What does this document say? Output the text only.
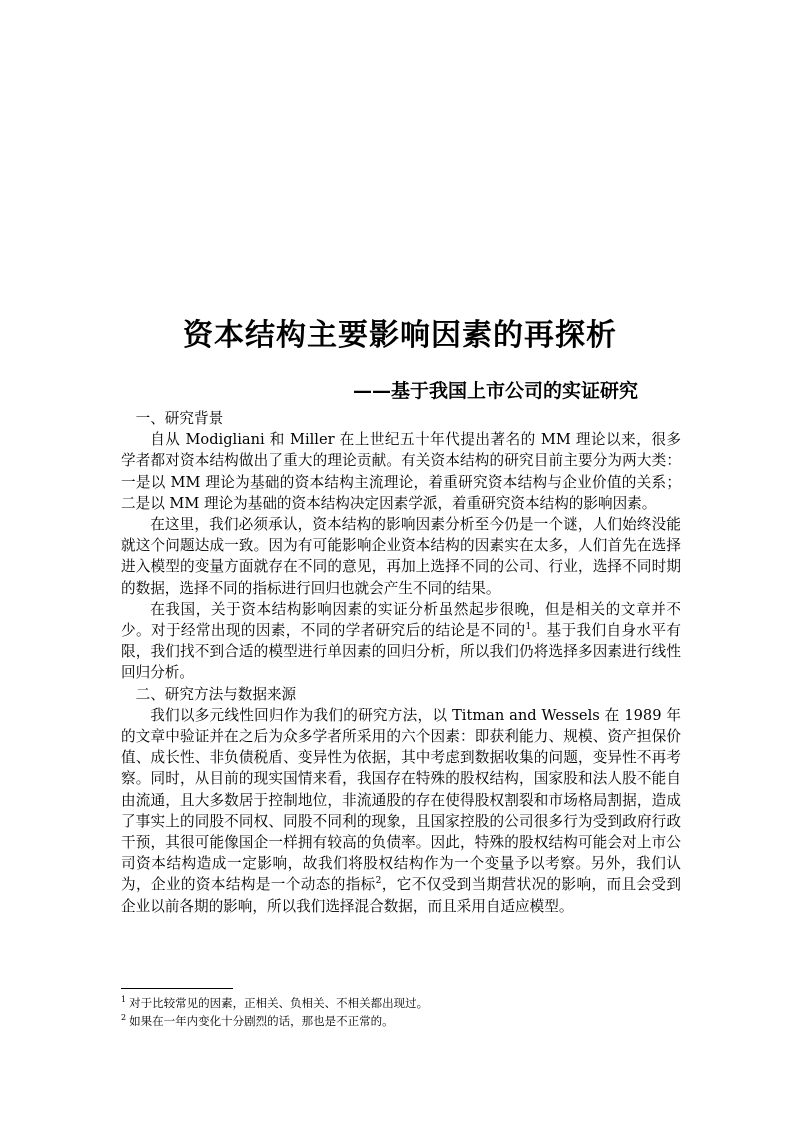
资本结构主要影响因素的再探析
——基于我国上市公司的实证研究
一、研究背景

自从 Modigliani 和 Miller 在上世纪五十年代提出著名的 MM 理论以来，很多学者都对资本结构做出了重大的理论贡献。有关资本结构的研究目前主要分为两大类：一是以 MM 理论为基础的资本结构主流理论，着重研究资本结构与企业价值的关系；二是以 MM 理论为基础的资本结构决定因素学派，着重研究资本结构的影响因素。

在这里，我们必须承认，资本结构的影响因素分析至今仍是一个谜，人们始终没能就这个问题达成一致。因为有可能影响企业资本结构的因素实在太多，人们首先在选择进入模型的变量方面就存在不同的意见，再加上选择不同的公司、行业，选择不同时期的数据，选择不同的指标进行回归也就会产生不同的结果。

在我国，关于资本结构影响因素的实证分析虽然起步很晚，但是相关的文章并不少。对于经常出现的因素，不同的学者研究后的结论是不同的$^1$。基于我们自身水平有限，我们找不到合适的模型进行单因素的回归分析，所以我们仍将选择多因素进行线性回归分析。

二、研究方法与数据来源

我们以多元线性回归作为我们的研究方法，以 Titman and Wessels 在 1989 年的文章中验证并在之后为众多学者所采用的六个因素：即获利能力、规模、资产担保价值、成长性、非负债税盾、变异性为依据，其中考虑到数据收集的问题，变异性不再考察。同时，从目前的现实国情来看，我国存在特殊的股权结构，国家股和法人股不能自由流通，且大多数居于控制地位，非流通股的存在使得股权割裂和市场格局割据，造成了事实上的同股不同权、同股不同利的现象，且国家控股的公司很多行为受到政府行政干预，其很可能像国企一样拥有较高的负债率。因此，特殊的股权结构可能会对上市公司资本结构造成一定影响，故我们将股权结构作为一个变量予以考察。另外，我们认为，企业的资本结构是一个动态的指标$^2$，它不仅受到当期营状况的影响，而且会受到企业以前各期的影响，所以我们选择混合数据，而且采用自适应模型。

$^1$ 对于比较常见的因素，正相关、负相关、不相关都出现过。

$^2$ 如果在一年内变化十分剧烈的话，那也是不正常的。
